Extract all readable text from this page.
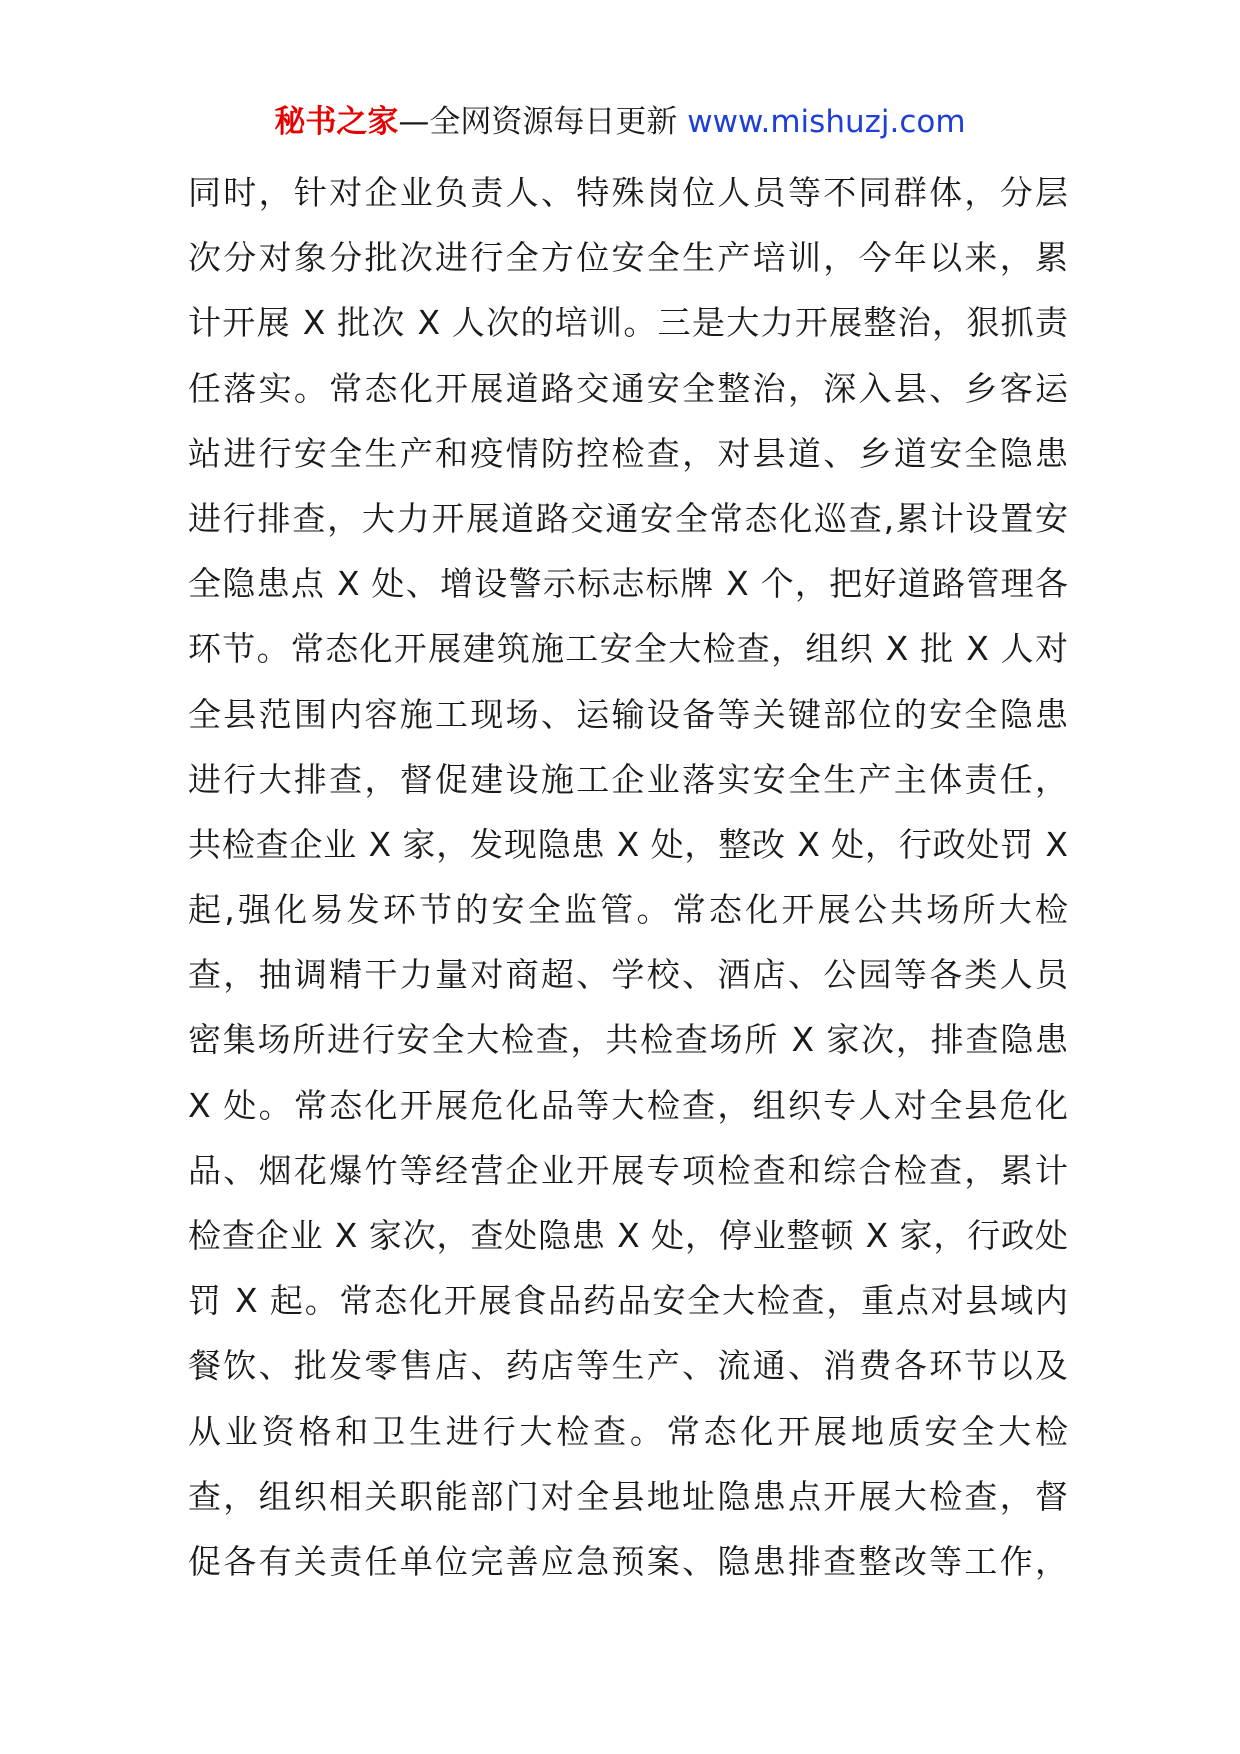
秘书之家—全网资源每日更新 www.mishuzj.com
同时，针对企业负责人、特殊岗位人员等不同群体，分层
次分对象分批次进行全方位安全生产培训，今年以来，累
计开展 X 批次 X 人次的培训。三是大力开展整治，狠抓责
任落实。常态化开展道路交通安全整治，深入县、乡客运
站进行安全生产和疫情防控检查，对县道、乡道安全隐患
进行排查，大力开展道路交通安全常态化巡查,累计设置安
全隐患点 X 处、增设警示标志标牌 X 个，把好道路管理各
环节。常态化开展建筑施工安全大检查，组织 X 批 X 人对
全县范围内容施工现场、运输设备等关键部位的安全隐患
进行大排查，督促建设施工企业落实安全生产主体责任，
共检查企业 X 家，发现隐患 X 处，整改 X 处，行政处罚 X
起,强化易发环节的安全监管。常态化开展公共场所大检
查，抽调精干力量对商超、学校、酒店、公园等各类人员
密集场所进行安全大检查，共检查场所 X 家次，排查隐患
X 处。常态化开展危化品等大检查，组织专人对全县危化
品、烟花爆竹等经营企业开展专项检查和综合检查，累计
检查企业 X 家次，查处隐患 X 处，停业整顿 X 家，行政处
罚 X 起。常态化开展食品药品安全大检查，重点对县域内
餐饮、批发零售店、药店等生产、流通、消费各环节以及
从业资格和卫生进行大检查。常态化开展地质安全大检
查，组织相关职能部门对全县地址隐患点开展大检查，督
促各有关责任单位完善应急预案、隐患排查整改等工作，
